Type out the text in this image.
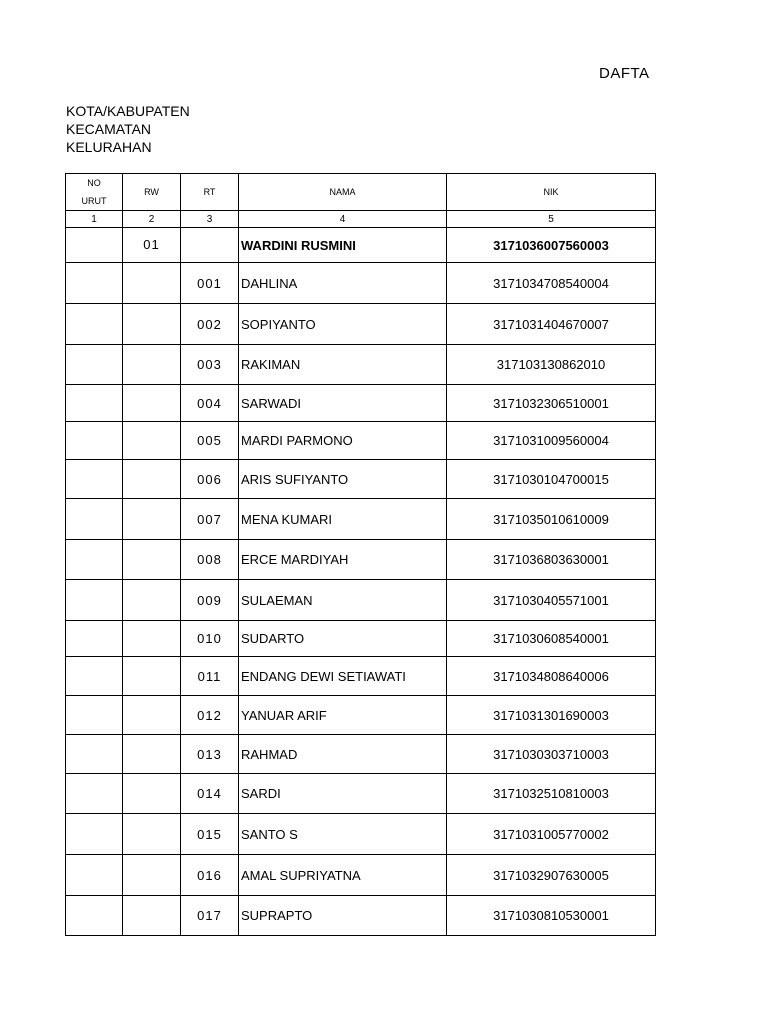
DAFTA
KOTA/KABUPATEN
KECAMATAN
KELURAHAN
NO
URUT	RW	RT	NAMA	NIK
1	2	3	4	5
	01		WARDINI RUSMINI	3171036007560003
		001	DAHLINA	3171034708540004
		002	SOPIYANTO	3171031404670007
		003	RAKIMAN	317103130862010
		004	SARWADI	3171032306510001
		005	MARDI PARMONO	3171031009560004
		006	ARIS SUFIYANTO	3171030104700015
		007	MENA KUMARI	3171035010610009
		008	ERCE MARDIYAH	3171036803630001
		009	SULAEMAN	3171030405571001
		010	SUDARTO	3171030608540001
		011	ENDANG DEWI SETIAWATI	3171034808640006
		012	YANUAR ARIF	3171031301690003
		013	RAHMAD	3171030303710003
		014	SARDI	3171032510810003
		015	SANTO S	3171031005770002
		016	AMAL SUPRIYATNA	3171032907630005
		017	SUPRAPTO	3171030810530001
